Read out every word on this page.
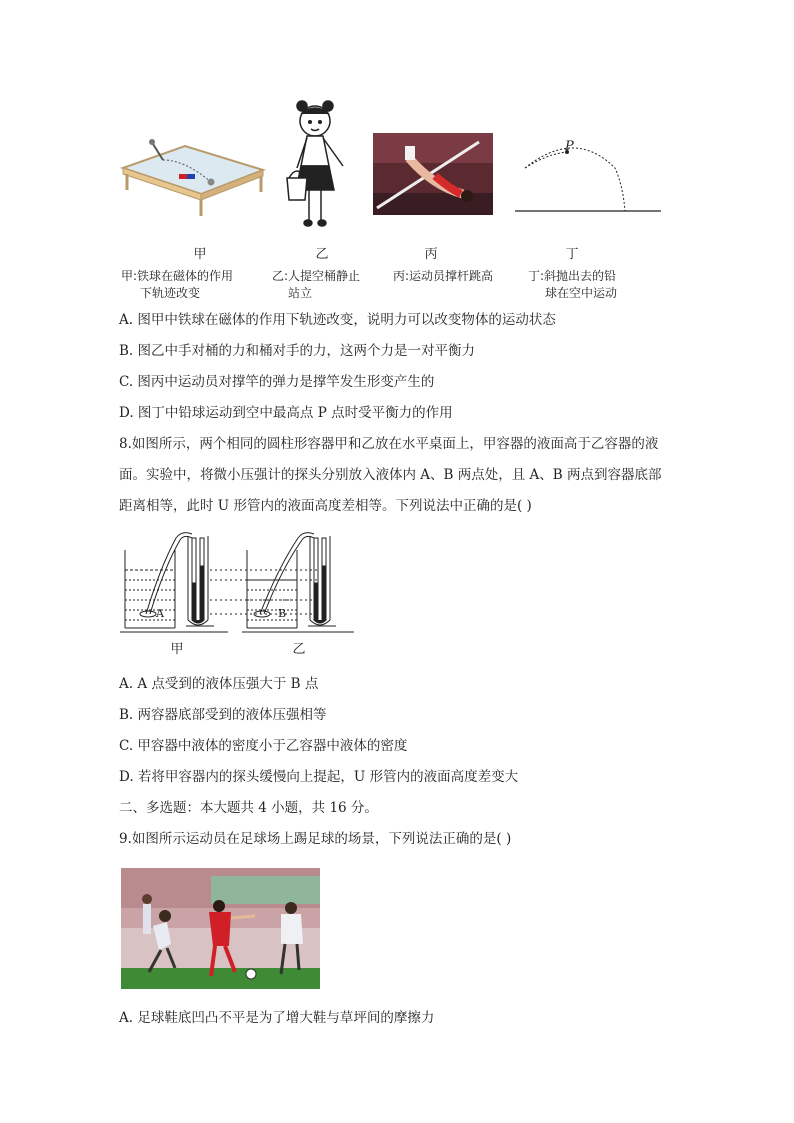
P
甲	乙	丙	丁
甲:铁球在磁体的作用
下轨迹改变
乙:人提空桶静止
站立
丙:运动员撑杆跳高	丁:斜抛出去的铅
球在空中运动
A. 图甲中铁球在磁体的作用下轨迹改变，说明力可以改变物体的运动状态
B. 图乙中手对桶的力和桶对手的力，这两个力是一对平衡力
C. 图丙中运动员对撑竿的弹力是撑竿发生形变产生的
D. 图丁中铅球运动到空中最高点 P 点时受平衡力的作用
8.如图所示，两个相同的圆柱形容器甲和乙放在水平桌面上，甲容器的液面高于乙容器的液
面。实验中，将微小压强计的探头分别放入液体内 A、B 两点处，且 A、B 两点到容器底部
距离相等，此时 U 形管内的液面高度差相等。下列说法中正确的是( )
A	B
甲	乙
A. A 点受到的液体压强大于 B 点
B. 两容器底部受到的液体压强相等
C. 甲容器中液体的密度小于乙容器中液体的密度
D. 若将甲容器内的探头缓慢向上提起，U 形管内的液面高度差变大
二、多选题：本大题共 4 小题，共 16 分。
9.如图所示运动员在足球场上踢足球的场景，下列说法正确的是( )
A. 足球鞋底凹凸不平是为了增大鞋与草坪间的摩擦力
